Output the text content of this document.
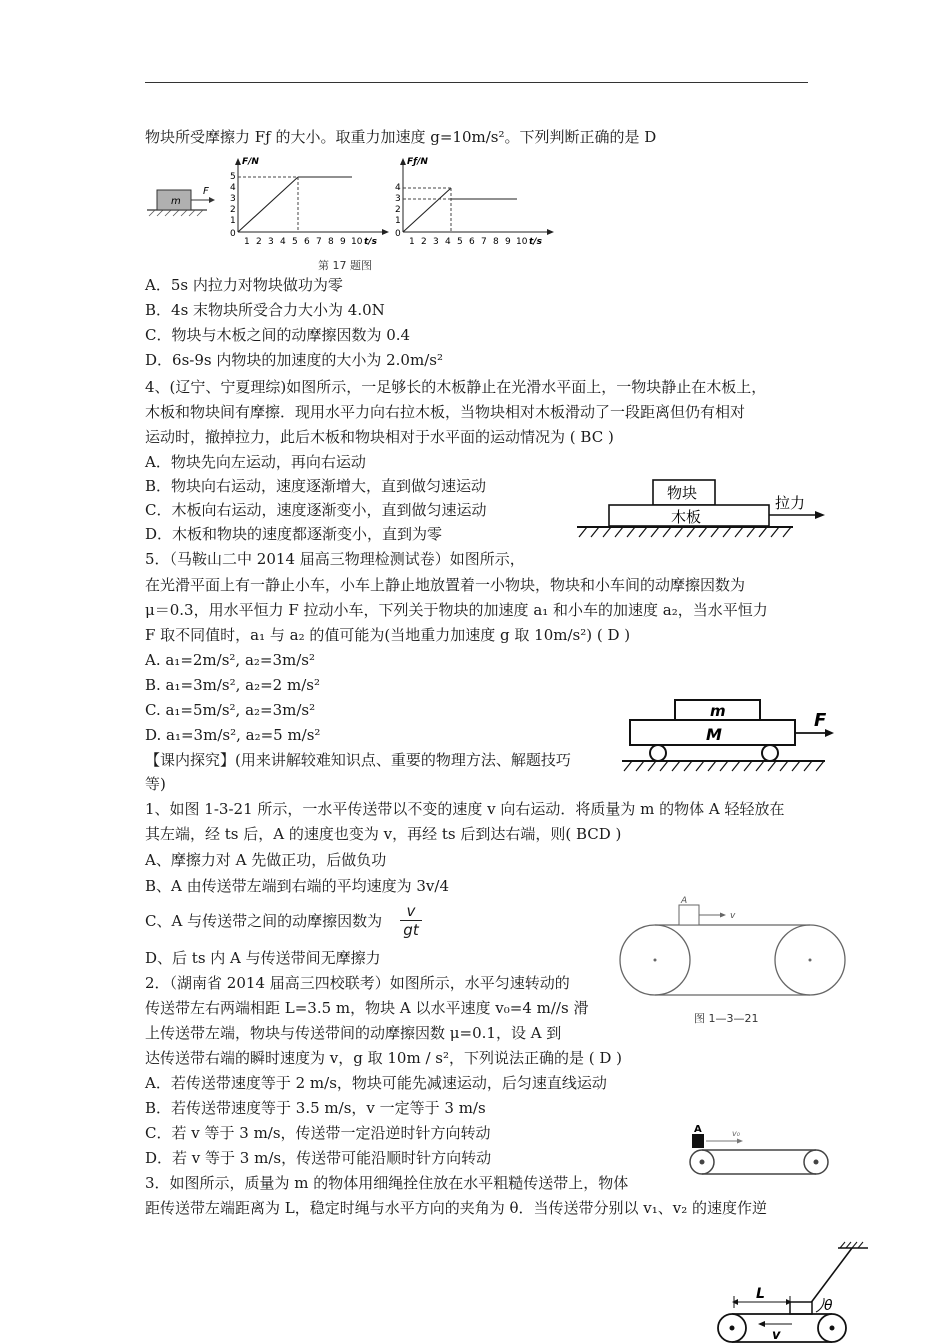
物块所受摩擦力 Fƒ 的大小。取重力加速度 g=10m/s²。下列判断正确的是 D
A．5s 内拉力对物块做功为零
B．4s 末物块所受合力大小为 4.0N
C．物块与木板之间的动摩擦因数为 0.4
D．6s-9s 内物块的加速度的大小为 2.0m/s²
4、(辽宁、宁夏理综)如图所示，一足够长的木板静止在光滑水平面上，一物块静止在木板上，
木板和物块间有摩擦．现用水平力向右拉木板，当物块相对木板滑动了一段距离但仍有相对
运动时，撤掉拉力，此后木板和物块相对于水平面的运动情况为 ( BC )
A．物块先向左运动，再向右运动
B．物块向右运动，速度逐渐增大，直到做匀速运动
C．木板向右运动，速度逐渐变小，直到做匀速运动
D．木板和物块的速度都逐渐变小，直到为零
5．（马鞍山二中 2014 届高三物理检测试卷）如图所示，
在光滑平面上有一静止小车，小车上静止地放置着一小物块，物块和小车间的动摩擦因数为
μ＝0.3，用水平恒力 F 拉动小车，下列关于物块的加速度 a₁ 和小车的加速度 a₂，当水平恒力
F 取不同值时，a₁ 与 a₂ 的值可能为(当地重力加速度 g 取 10m/s²) ( D )
A. a₁=2m/s², a₂=3m/s²
B. a₁=3m/s², a₂=2 m/s²
C. a₁=5m/s², a₂=3m/s²
D. a₁=3m/s², a₂=5 m/s²
【课内探究】(用来讲解较难知识点、重要的物理方法、解题技巧
等)
1、如图 1-3-21 所示，一水平传送带以不变的速度 v 向右运动．将质量为 m 的物体 A 轻轻放在
其左端，经 ts 后，A 的速度也变为 v，再经 ts 后到达右端，则( BCD )
A、摩擦力对 A 先做正功，后做负功
B、A 由传送带左端到右端的平均速度为 3v/4
C、A 与传送带之间的动摩擦因数为 $\frac{v}{gt}$
D、后 ts 内 A 与传送带间无摩擦力
2．（湖南省 2014 届高三四校联考）如图所示，水平匀速转动的
传送带左右两端相距 L=3.5 m，物块 A 以水平速度 v₀=4 m//s 滑
上传送带左端，物块与传送带间的动摩擦因数 μ=0.1，设 A 到
达传送带右端的瞬时速度为 v，g 取 10m / s²，下列说法正确的是 ( D )
A．若传送带速度等于 2 m/s，物块可能先减速运动，后匀速直线运动
B．若传送带速度等于 3.5 m/s，v 一定等于 3 m/s
C．若 v 等于 3 m/s，传送带一定沿逆时针方向转动
D．若 v 等于 3 m/s，传送带可能沿顺时针方向转动
3．如图所示，质量为 m 的物体用细绳拴住放在水平粗糙传送带上，物体
距传送带左端距离为 L，稳定时绳与水平方向的夹角为 θ．当传送带分别以 v₁、v₂ 的速度作逆
m
F
F/N
0
1
2
3
4
5
1 2 3 4 5 6 7 8 9 10 t/s
Fƒ/N
0
1
2
3
4
1 2 3 4 5 6 7 8 9 10 t/s
第 17 题图
物块
木板
拉力
m
M
F
A
v
图 1—3—21
A	v₀
θ
L
v
